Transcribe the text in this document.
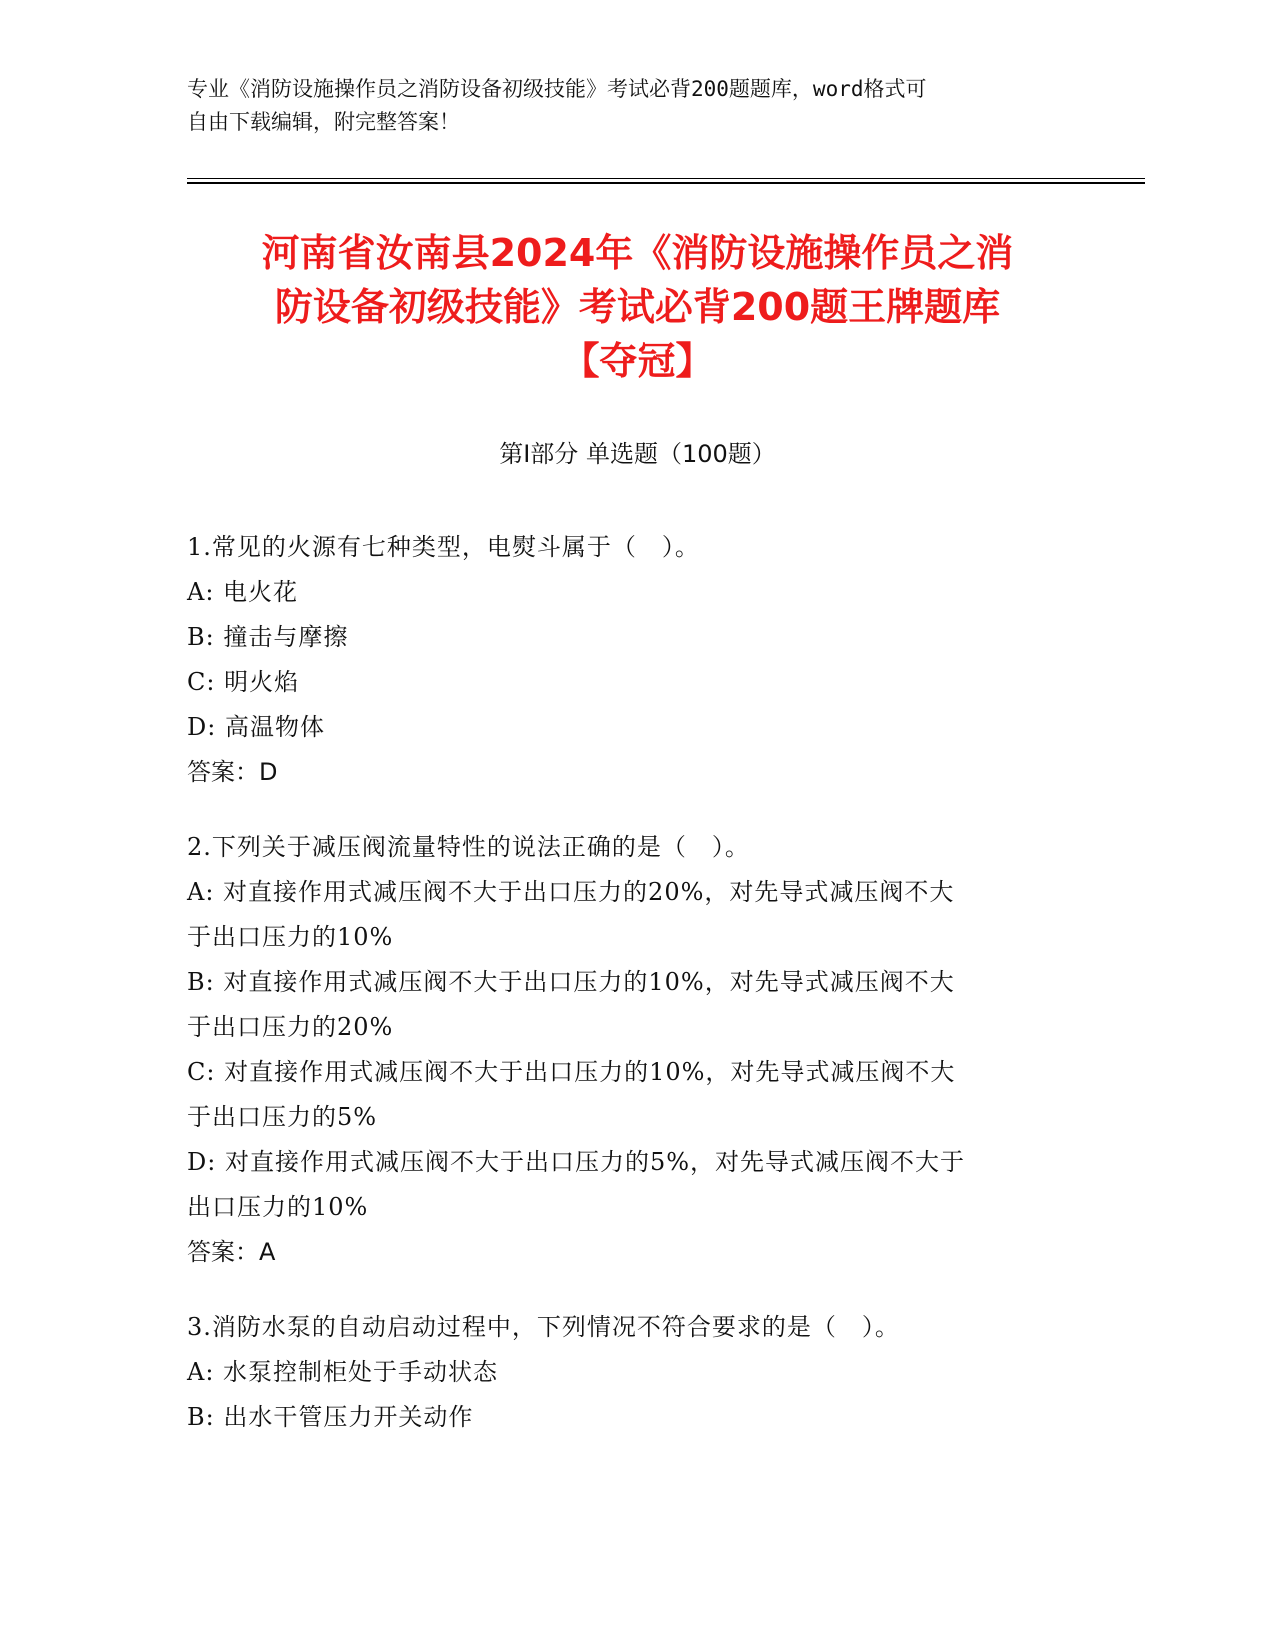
专业《消防设施操作员之消防设备初级技能》考试必背200题题库，word格式可
自由下载编辑，附完整答案！
河南省汝南县2024年《消防设施操作员之消
防设备初级技能》考试必背200题王牌题库
【夺冠】
第I部分 单选题（100题）
1.常见的火源有七种类型，电熨斗属于（　）。
A: 电火花
B: 撞击与摩擦
C: 明火焰
D: 高温物体
答案：D
2.下列关于减压阀流量特性的说法正确的是（　）。
A: 对直接作用式减压阀不大于出口压力的20%，对先导式减压阀不大
于出口压力的10%
B: 对直接作用式减压阀不大于出口压力的10%，对先导式减压阀不大
于出口压力的20%
C: 对直接作用式减压阀不大于出口压力的10%，对先导式减压阀不大
于出口压力的5%
D: 对直接作用式减压阀不大于出口压力的5%，对先导式减压阀不大于
出口压力的10%
答案：A
3.消防水泵的自动启动过程中，下列情况不符合要求的是（　）。
A: 水泵控制柜处于手动状态
B: 出水干管压力开关动作
